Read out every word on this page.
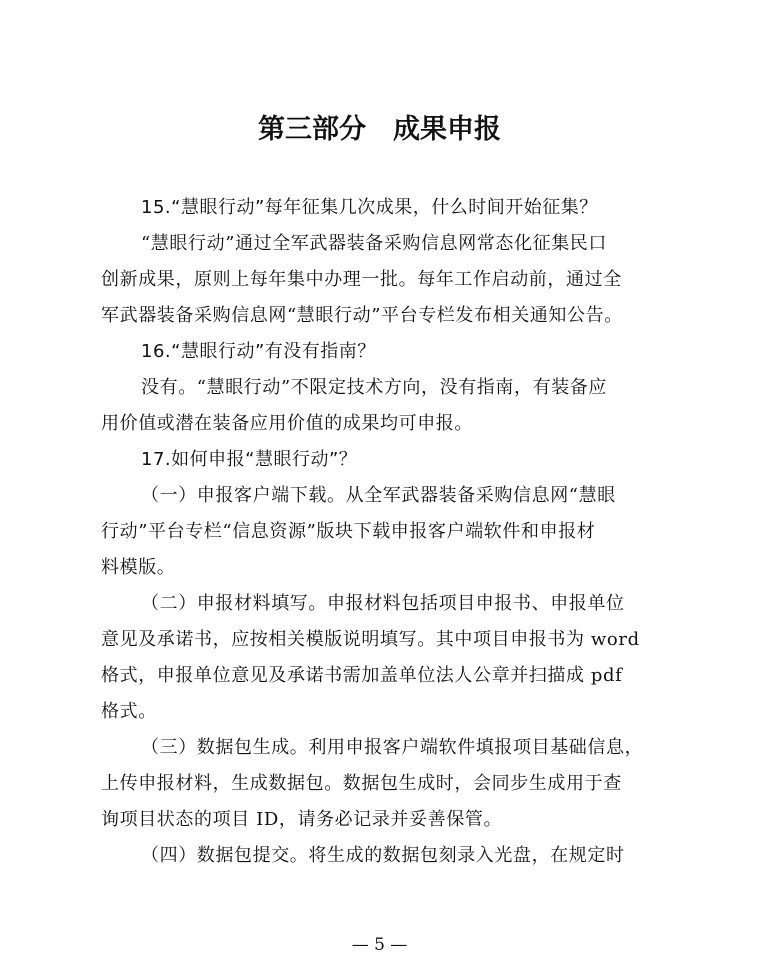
第三部分　成果申报
15.“慧眼行动”每年征集几次成果，什么时间开始征集？
“慧眼行动”通过全军武器装备采购信息网常态化征集民口
创新成果，原则上每年集中办理一批。每年工作启动前，通过全
军武器装备采购信息网“慧眼行动”平台专栏发布相关通知公告。
16.“慧眼行动”有没有指南？
没有。“慧眼行动”不限定技术方向，没有指南，有装备应
用价值或潜在装备应用价值的成果均可申报。
17.如何申报“慧眼行动”？
（一）申报客户端下载。从全军武器装备采购信息网“慧眼
行动”平台专栏“信息资源”版块下载申报客户端软件和申报材
料模版。
（二）申报材料填写。申报材料包括项目申报书、申报单位
意见及承诺书，应按相关模版说明填写。其中项目申报书为 word
格式，申报单位意见及承诺书需加盖单位法人公章并扫描成 pdf
格式。
（三）数据包生成。利用申报客户端软件填报项目基础信息，
上传申报材料，生成数据包。数据包生成时，会同步生成用于查
询项目状态的项目 ID，请务必记录并妥善保管。
（四）数据包提交。将生成的数据包刻录入光盘，在规定时
— 5 —
